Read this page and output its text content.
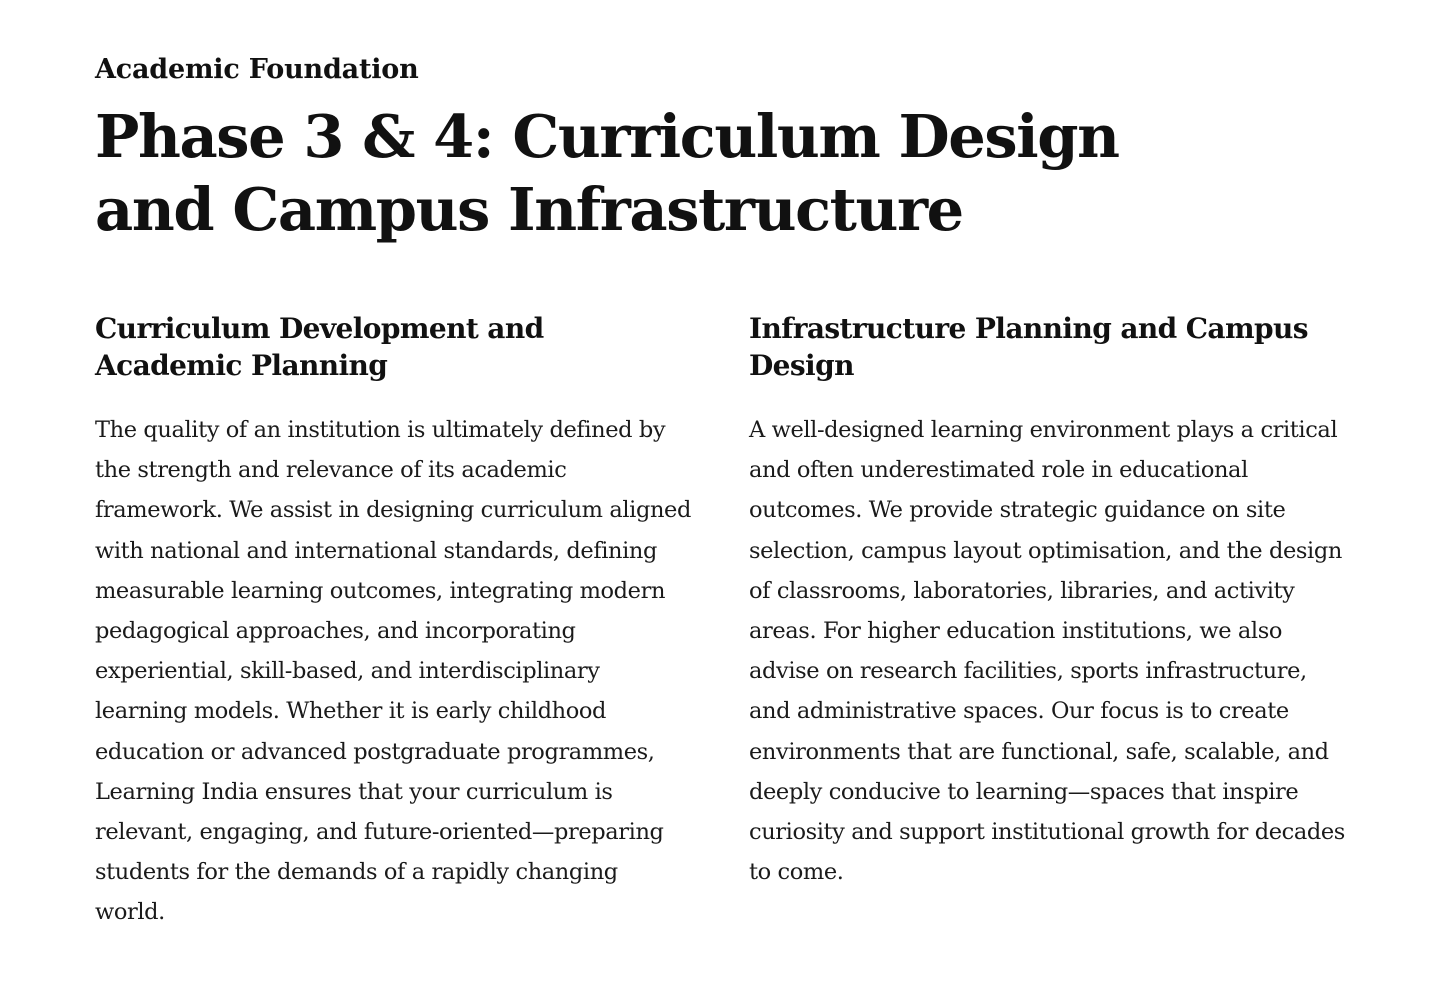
Academic Foundation

Phase 3 & 4: Curriculum Design and Campus Infrastructure
Curriculum Development and Academic Planning

The quality of an institution is ultimately defined by the strength and relevance of its academic framework. We assist in designing curriculum aligned with national and international standards, defining measurable learning outcomes, integrating modern pedagogical approaches, and incorporating experiential, skill-based, and interdisciplinary learning models. Whether it is early childhood education or advanced postgraduate programmes, Learning India ensures that your curriculum is relevant, engaging, and future-oriented—preparing students for the demands of a rapidly changing world.

Infrastructure Planning and Campus Design

A well-designed learning environment plays a critical and often underestimated role in educational outcomes. We provide strategic guidance on site selection, campus layout optimisation, and the design of classrooms, laboratories, libraries, and activity areas. For higher education institutions, we also advise on research facilities, sports infrastructure, and administrative spaces. Our focus is to create environments that are functional, safe, scalable, and deeply conducive to learning—spaces that inspire curiosity and support institutional growth for decades to come.
